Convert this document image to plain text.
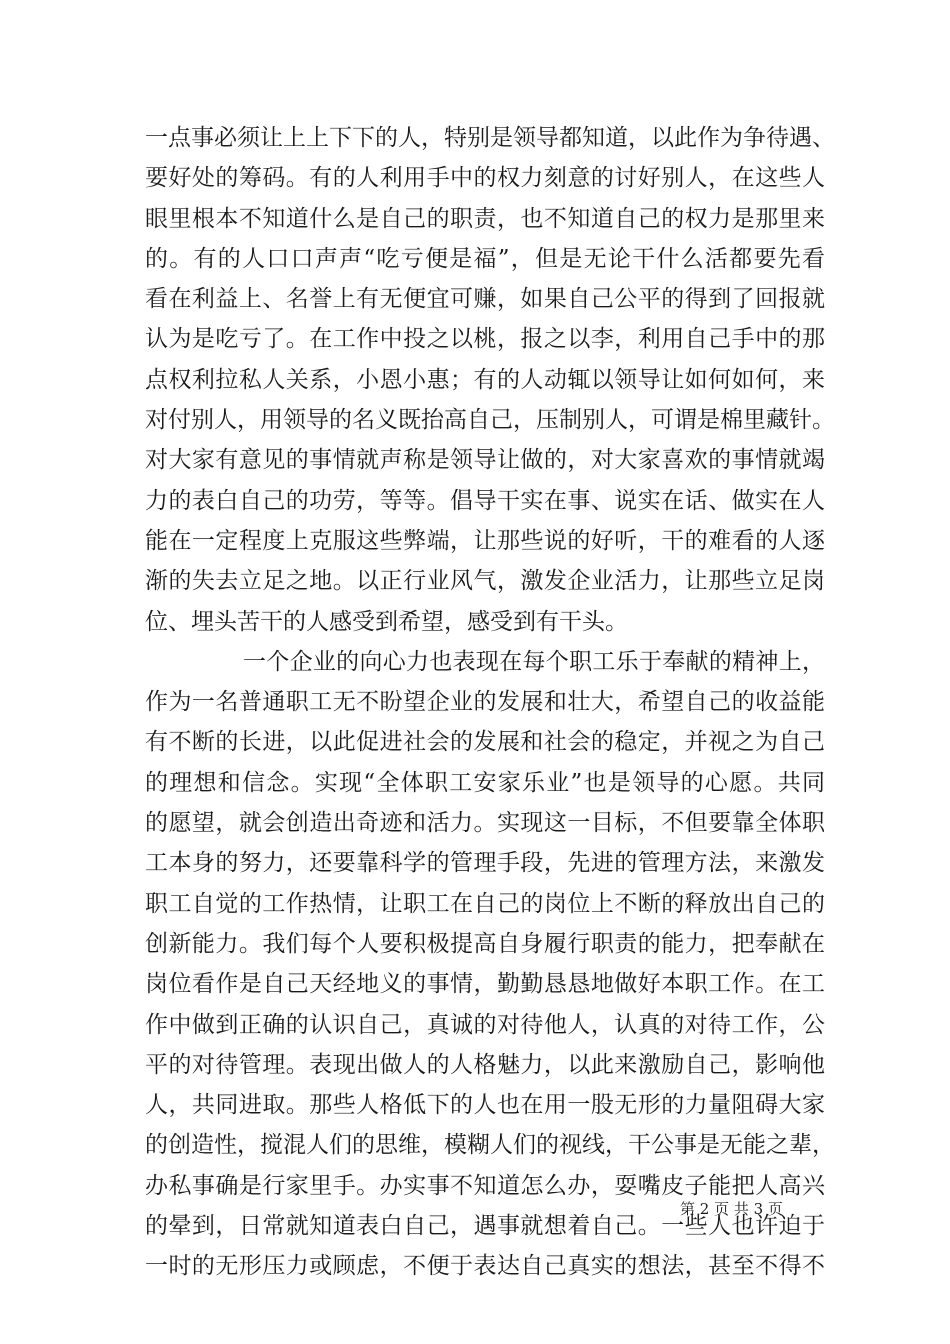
一点事必须让上上下下的人，特别是领导都知道，以此作为争待遇、
要好处的筹码。有的人利用手中的权力刻意的讨好别人，在这些人
眼里根本不知道什么是自己的职责，也不知道自己的权力是那里来
的。有的人口口声声“吃亏便是福”，但是无论干什么活都要先看
看在利益上、名誉上有无便宜可赚，如果自己公平的得到了回报就
认为是吃亏了。在工作中投之以桃，报之以李，利用自己手中的那
点权利拉私人关系，小恩小惠；有的人动辄以领导让如何如何，来
对付别人，用领导的名义既抬高自己，压制别人，可谓是棉里藏针。
对大家有意见的事情就声称是领导让做的，对大家喜欢的事情就竭
力的表白自己的功劳，等等。倡导干实在事、说实在话、做实在人
能在一定程度上克服这些弊端，让那些说的好听，干的难看的人逐
渐的失去立足之地。以正行业风气，激发企业活力，让那些立足岗
位、埋头苦干的人感受到希望，感受到有干头。
一个企业的向心力也表现在每个职工乐于奉献的精神上，
作为一名普通职工无不盼望企业的发展和壮大，希望自己的收益能
有不断的长进，以此促进社会的发展和社会的稳定，并视之为自己
的理想和信念。实现“全体职工安家乐业”也是领导的心愿。共同
的愿望，就会创造出奇迹和活力。实现这一目标，不但要靠全体职
工本身的努力，还要靠科学的管理手段，先进的管理方法，来激发
职工自觉的工作热情，让职工在自己的岗位上不断的释放出自己的
创新能力。我们每个人要积极提高自身履行职责的能力，把奉献在
岗位看作是自己天经地义的事情，勤勤恳恳地做好本职工作。在工
作中做到正确的认识自己，真诚的对待他人，认真的对待工作，公
平的对待管理。表现出做人的人格魅力，以此来激励自己，影响他
人，共同进取。那些人格低下的人也在用一股无形的力量阻碍大家
的创造性，搅混人们的思维，模糊人们的视线，干公事是无能之辈，
办私事确是行家里手。办实事不知道怎么办，耍嘴皮子能把人高兴
的晕到，日常就知道表白自己，遇事就想着自己。一些人也许迫于
一时的无形压力或顾虑，不便于表达自己真实的想法，甚至不得不
第 2 页 共 3 页
